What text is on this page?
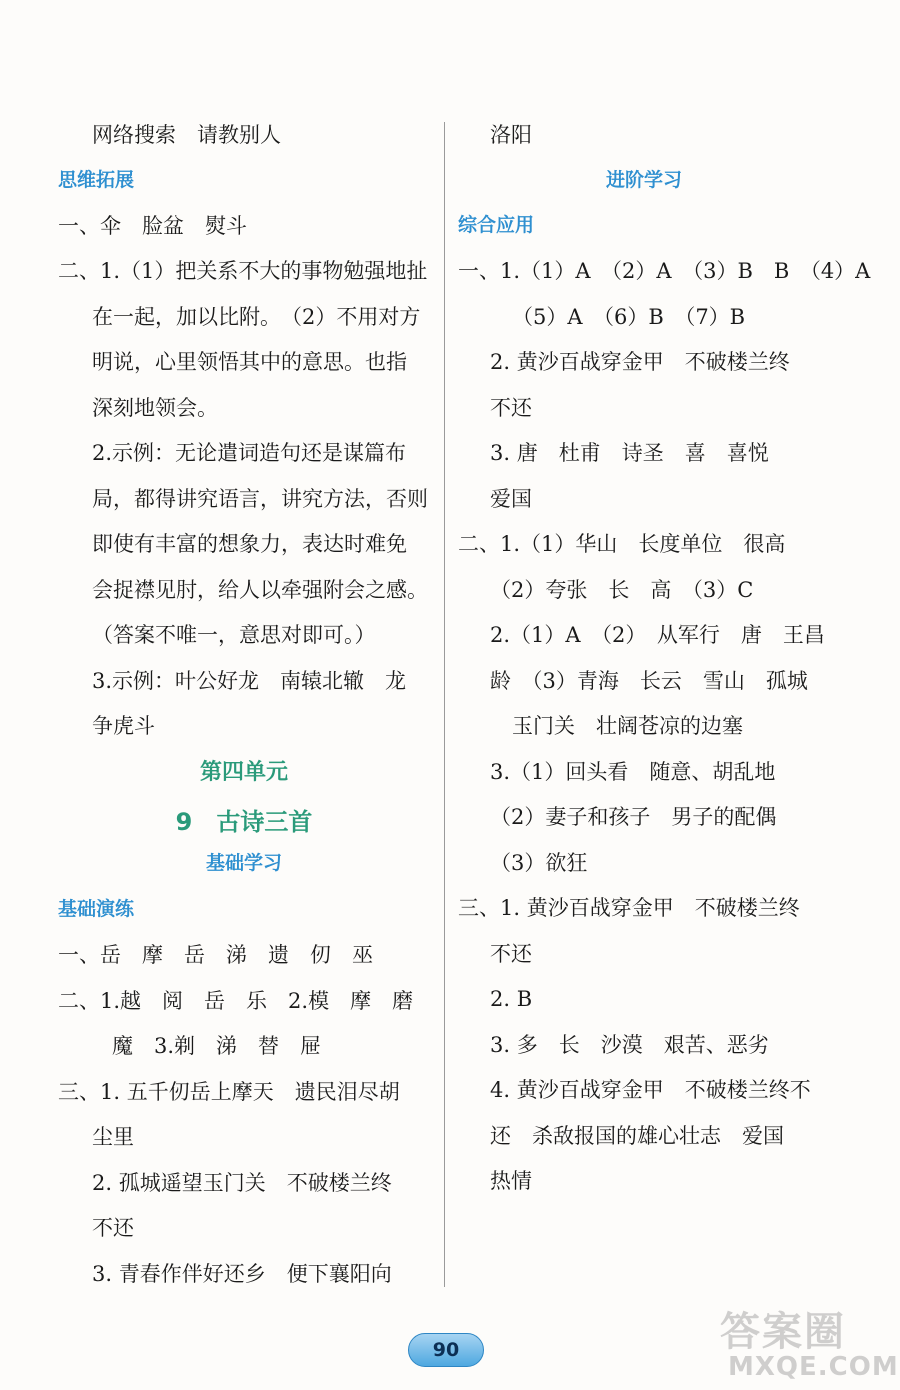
网络搜索　请教别人
思维拓展
一、伞　脸盆　熨斗
二、1.（1）把关系不大的事物勉强地扯
在一起，加以比附。　（2）不用对方
明说，心里领悟其中的意思。也指
深刻地领会。
2.示例：无论遣词造句还是谋篇布
局，都得讲究语言，讲究方法，否则
即使有丰富的想象力，表达时难免
会捉襟见肘，给人以牵强附会之感。
（答案不唯一，意思对即可。）
3.示例：叶公好龙　南辕北辙　龙
争虎斗
第四单元
9　古诗三首
基础学习
基础演练
一、岳　摩　岳　涕　遗　仞　巫
二、1.越　阅　岳　乐　2.模　摩　磨
魔　3.剃　涕　替　屉
三、1. 五千仞岳上摩天　遗民泪尽胡
尘里
2. 孤城遥望玉门关　不破楼兰终
不还
3. 青春作伴好还乡　便下襄阳向
洛阳
进阶学习
综合应用
一、1.（1）A　（2）A　（3）B　B　（4）A
（5）A　（6）B　（7）B
2. 黄沙百战穿金甲　不破楼兰终
不还
3. 唐　杜甫　诗圣　喜　喜悦
爱国
二、1.（1）华山　长度单位　很高
（2）夸张　长　高　（3）C
2.（1）A　（2）　从军行　唐　王昌
龄　（3）青海　长云　雪山　孤城
玉门关　壮阔苍凉的边塞
3.（1）回头看　随意、胡乱地
（2）妻子和孩子　男子的配偶
（3）欲狂
三、1. 黄沙百战穿金甲　不破楼兰终
不还
2. B
3. 多　长　沙漠　艰苦、恶劣
4. 黄沙百战穿金甲　不破楼兰终不
还　杀敌报国的雄心壮志　爱国
热情
90	答案圈
MXQE.COM
